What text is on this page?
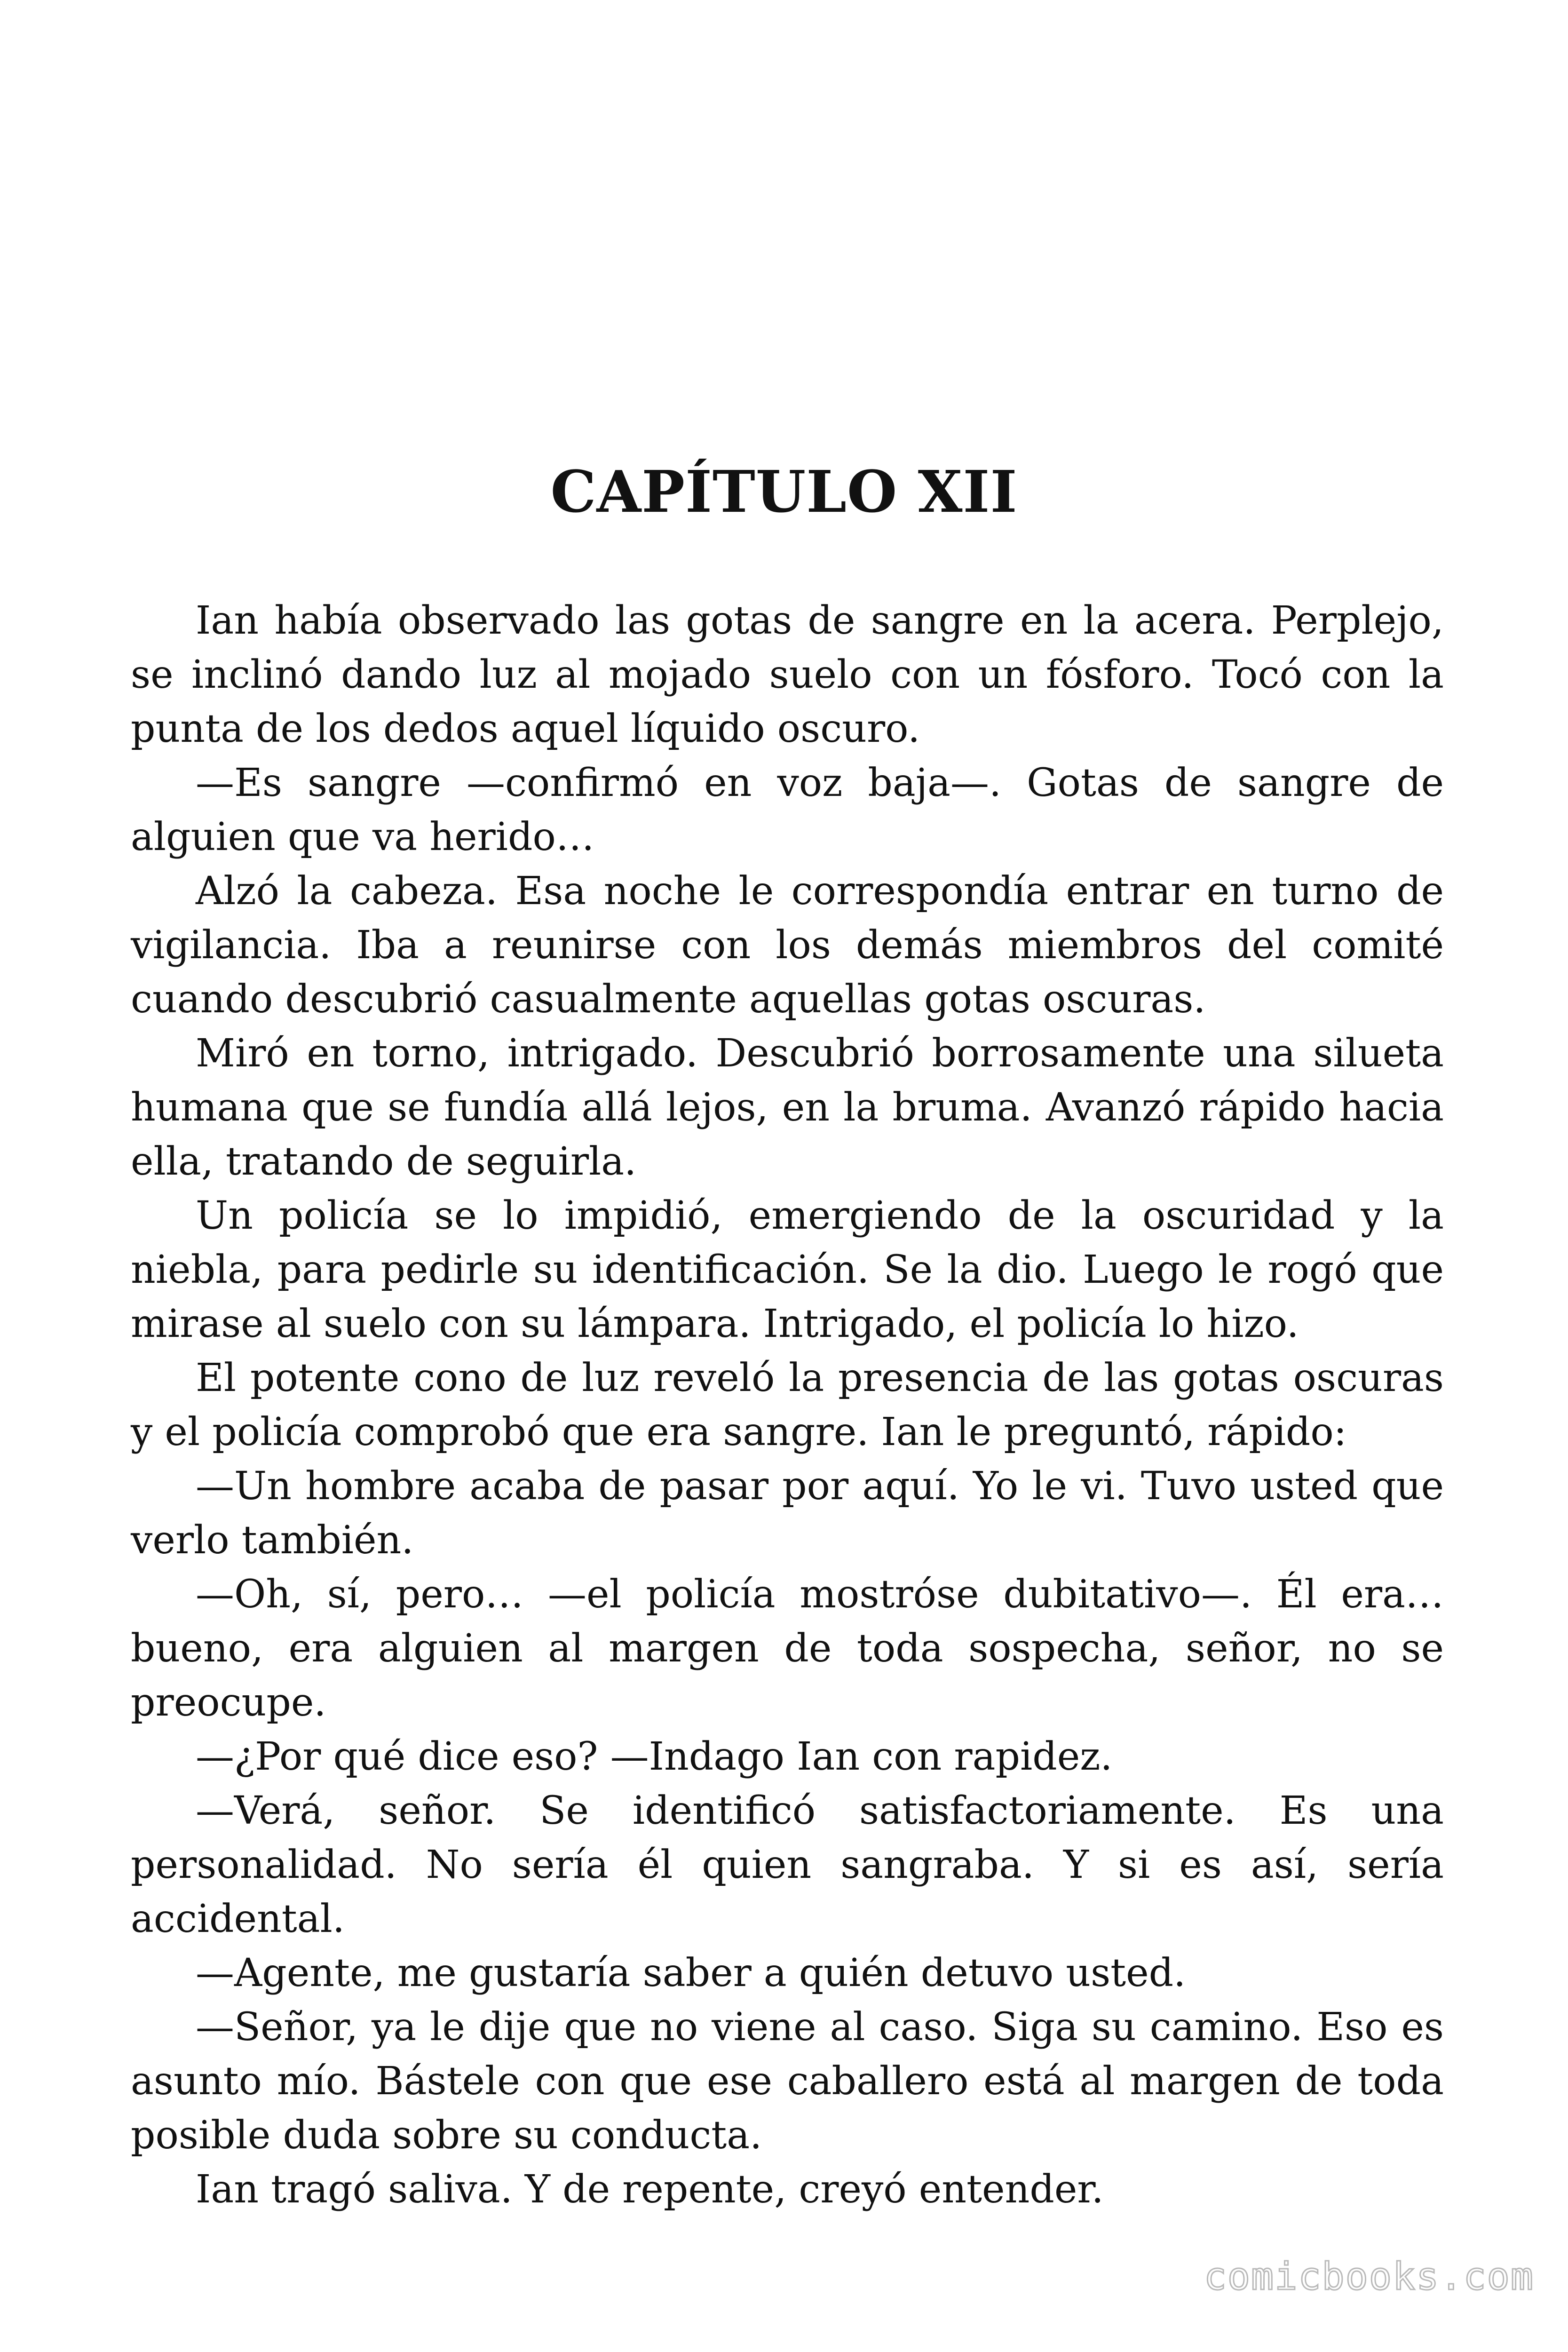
CAPÍTULO XII

Ian había observado las gotas de sangre en la acera. Perplejo, se inclinó dando luz al mojado suelo con un fósforo. Tocó con la punta de los dedos aquel líquido oscuro.

—Es sangre —confirmó en voz baja—. Gotas de sangre de alguien que va herido…

Alzó la cabeza. Esa noche le correspondía entrar en turno de vigilancia. Iba a reunirse con los demás miembros del comité cuando descubrió casualmente aquellas gotas oscuras.

Miró en torno, intrigado. Descubrió borrosamente una silueta humana que se fundía allá lejos, en la bruma. Avanzó rápido hacia ella, tratando de seguirla.

Un policía se lo impidió, emergiendo de la oscuridad y la niebla, para pedirle su identificación. Se la dio. Luego le rogó que mirase al suelo con su lámpara. Intrigado, el policía lo hizo.

El potente cono de luz reveló la presencia de las gotas oscuras y el policía comprobó que era sangre. Ian le preguntó, rápido:

—Un hombre acaba de pasar por aquí. Yo le vi. Tuvo usted que verlo también.

—Oh, sí, pero… —el policía mostróse dubitativo—. Él era… bueno, era alguien al margen de toda sospecha, señor, no se preocupe.

—¿Por qué dice eso? —Indago Ian con rapidez.

—Verá, señor. Se identificó satisfactoriamente. Es una personalidad. No sería él quien sangraba. Y si es así, sería accidental.

—Agente, me gustaría saber a quién detuvo usted.

—Señor, ya le dije que no viene al caso. Siga su camino. Eso es asunto mío. Bástele con que ese caballero está al margen de toda posible duda sobre su conducta.

Ian tragó saliva. Y de repente, creyó entender.

comicbooks.com
